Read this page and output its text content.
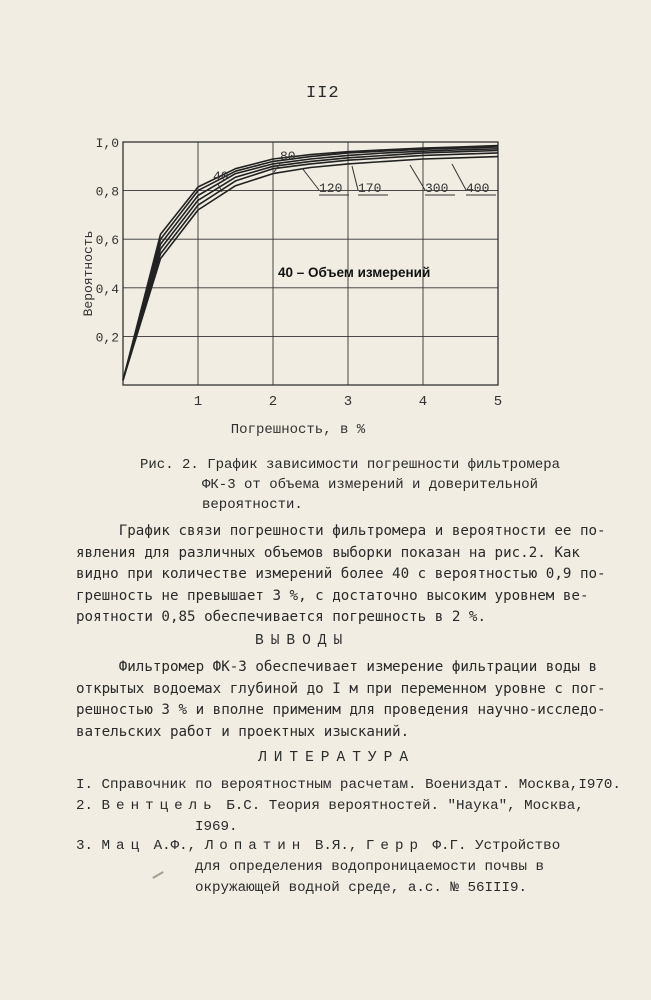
II2
1	2	3	4	5
I,0
0,8
0,6
0,4
0,2
Погрешность, в %
Вероятность
40
80
120 170	300 400
40 – Объем измерений
Рис. 2. График зависимости погрешности фильтромера

ФК-3 от объема измерений и доверительной
вероятности.
График связи погрешности фильтромера и вероятности ее по-
явления для различных объемов выборки показан на рис.2. Как
видно при количестве измерений более 40 с вероятностью 0,9 по-
грешность не превышает 3 %, с достаточно высоким уровнем ве-
роятности 0,85 обеспечивается погрешность в 2 %.
ВЫВОДЫ
Фильтромер ФК-3 обеспечивает измерение фильтрации воды в
открытых водоемах глубиной до I м при переменном уровне с пог-
решностью 3 % и вполне применим для проведения научно-исследо-
вательских работ и проектных изысканий.
ЛИТЕРАТУРА
I. Справочник по вероятностным расчетам. Воениздат. Москва,I970.
2. Вентцель Б.С. Теория вероятностей. "Наука", Москва,
I969.
3. Мац А.Ф., Лопатин В.Я., Герр Ф.Г. Устройство
для определения водопроницаемости почвы в
окружающей водной среде, а.с. № 56III9.
